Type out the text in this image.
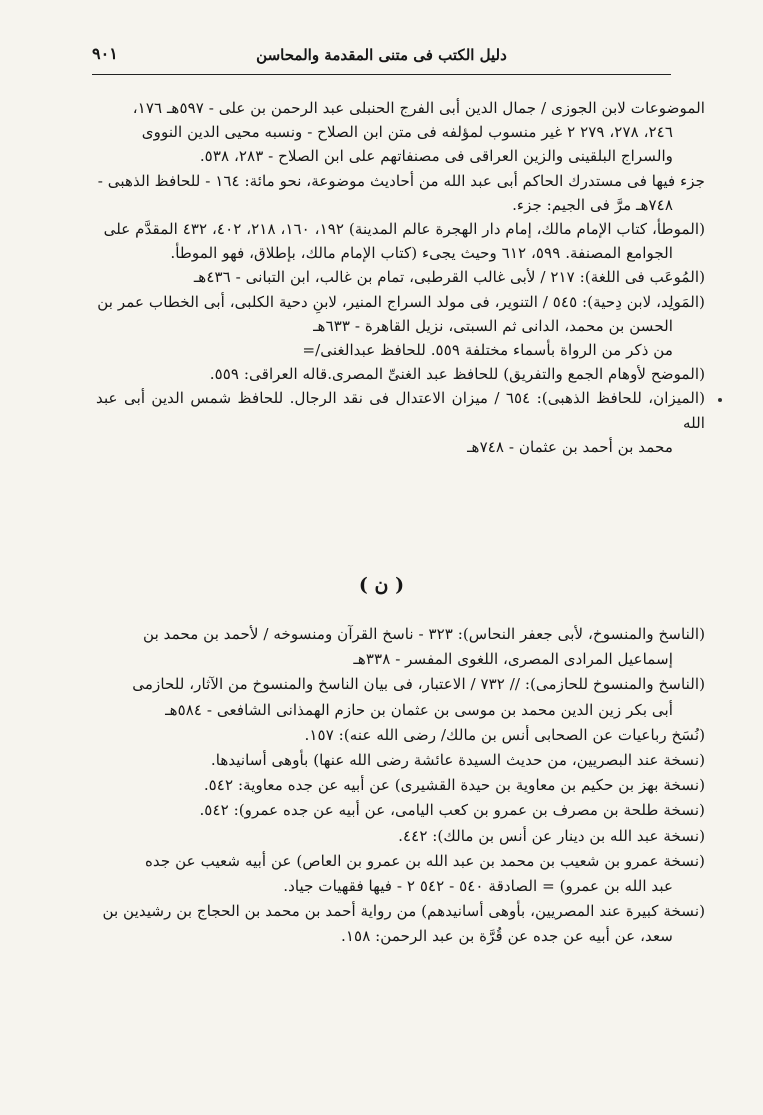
دليل الكتب فى متنى المقدمة والمحاسن
٩٠١

الموضوعات لابن الجوزى / جمال الدين أبى الفرج الحنبلى عبد الرحمن بن على - ٥٩٧هـ ١٧٦،

٢٤٦، ٢٧٨، ٢٧٩ ٢ غير منسوب لمؤلفه فى متن ابن الصلاح - ونسبه محيى الدين النووى

والسراج البلقينى والزين العراقى فى مصنفاتهم على ابن الصلاح - ٢٨٣، ٥٣٨.

جزء فيها فى مستدرك الحاكم أبى عبد الله من أحاديث موضوعة، نحو مائة: ١٦٤ - للحافظ الذهبى -

٧٤٨هـ مرَّ فى الجيم: جزء.

(الموطأ، كتاب الإمام مالك، إمام دار الهجرة عالم المدينة) ١٩٢، ١٦٠، ٢١٨، ٤٠٢، ٤٣٢ المقدَّم على

الجوامع المصنفة. ٥٩٩، ٦١٢ وحيث يجىء (كتاب الإمام مالك، بإطلاق، فهو الموطأ.

(المُوعَب فى اللغة): ٢١٧ / لأبى غالب القرطبى، تمام بن غالب، ابن التبانى - ٤٣٦هـ

(المَولِد، لابن دِحية): ٥٤٥ / التنوير، فى مولد السراج المنير، لابنِ دحية الكلبى، أبى الخطاب عمر بن

الحسن بن محمد، الدانى ثم السبتى، نزيل القاهرة - ٦٣٣هـ

من ذكر من الرواة بأسماء مختلفة ٥٥٩. للحافظ عبدالغنى/=

(الموضح لأوهام الجمع والتفريق) للحافظ عبد الغنىِّ المصرى.قاله العراقى: ٥٥٩.

(الميزان، للحافظ الذهبى): ٦٥٤ / ميزان الاعتدال فى نقد الرجال. للحافظ شمس الدين أبى عبد الله

محمد بن أحمد بن عثمان - ٧٤٨هـ

( ن )

(الناسخ والمنسوخ، لأبى جعفر النحاس): ٣٢٣ - ناسخ القرآن ومنسوخه / لأحمد بن محمد بن

إسماعيل المرادى المصرى، اللغوى المفسر - ٣٣٨هـ

(الناسخ والمنسوخ للحازمى): // ٧٣٢ / الاعتبار، فى بيان الناسخ والمنسوخ من الآثار، للحازمى

أبى بكر زين الدين محمد بن موسى بن عثمان بن حازم الهمذانى الشافعى - ٥٨٤هـ

(نُسَخ رباعيات عن الصحابى أنس بن مالك/ رضى الله عنه): ١٥٧.

(نسخة عند البصريين، من حديث السيدة عائشة رضى الله عنها) بأوهى أسانيدها.

(نسخة بهز بن حكيم بن معاوية بن حيدة القشيرى) عن أبيه عن جده معاوية: ٥٤٢.

(نسخة طلحة بن مصرف بن عمرو بن كعب اليامى، عن أبيه عن جده عمرو): ٥٤٢.

(نسخة عبد الله بن دينار عن أنس بن مالك): ٤٤٢.

(نسخة عمرو بن شعيب بن محمد بن عبد الله بن عمرو بن العاص) عن أبيه شعيب عن جده

عبد الله بن عمرو) = الصادقة ٥٤٠ - ٥٤٢ ٢ - فيها فقهيات جياد.

(نسخة كبيرة عند المصريين، بأوهى أسانيدهم) من رواية أحمد بن محمد بن الحجاج بن رشيدين بن

سعد، عن أبيه عن جده عن قُرَّة بن عبد الرحمن: ١٥٨.
